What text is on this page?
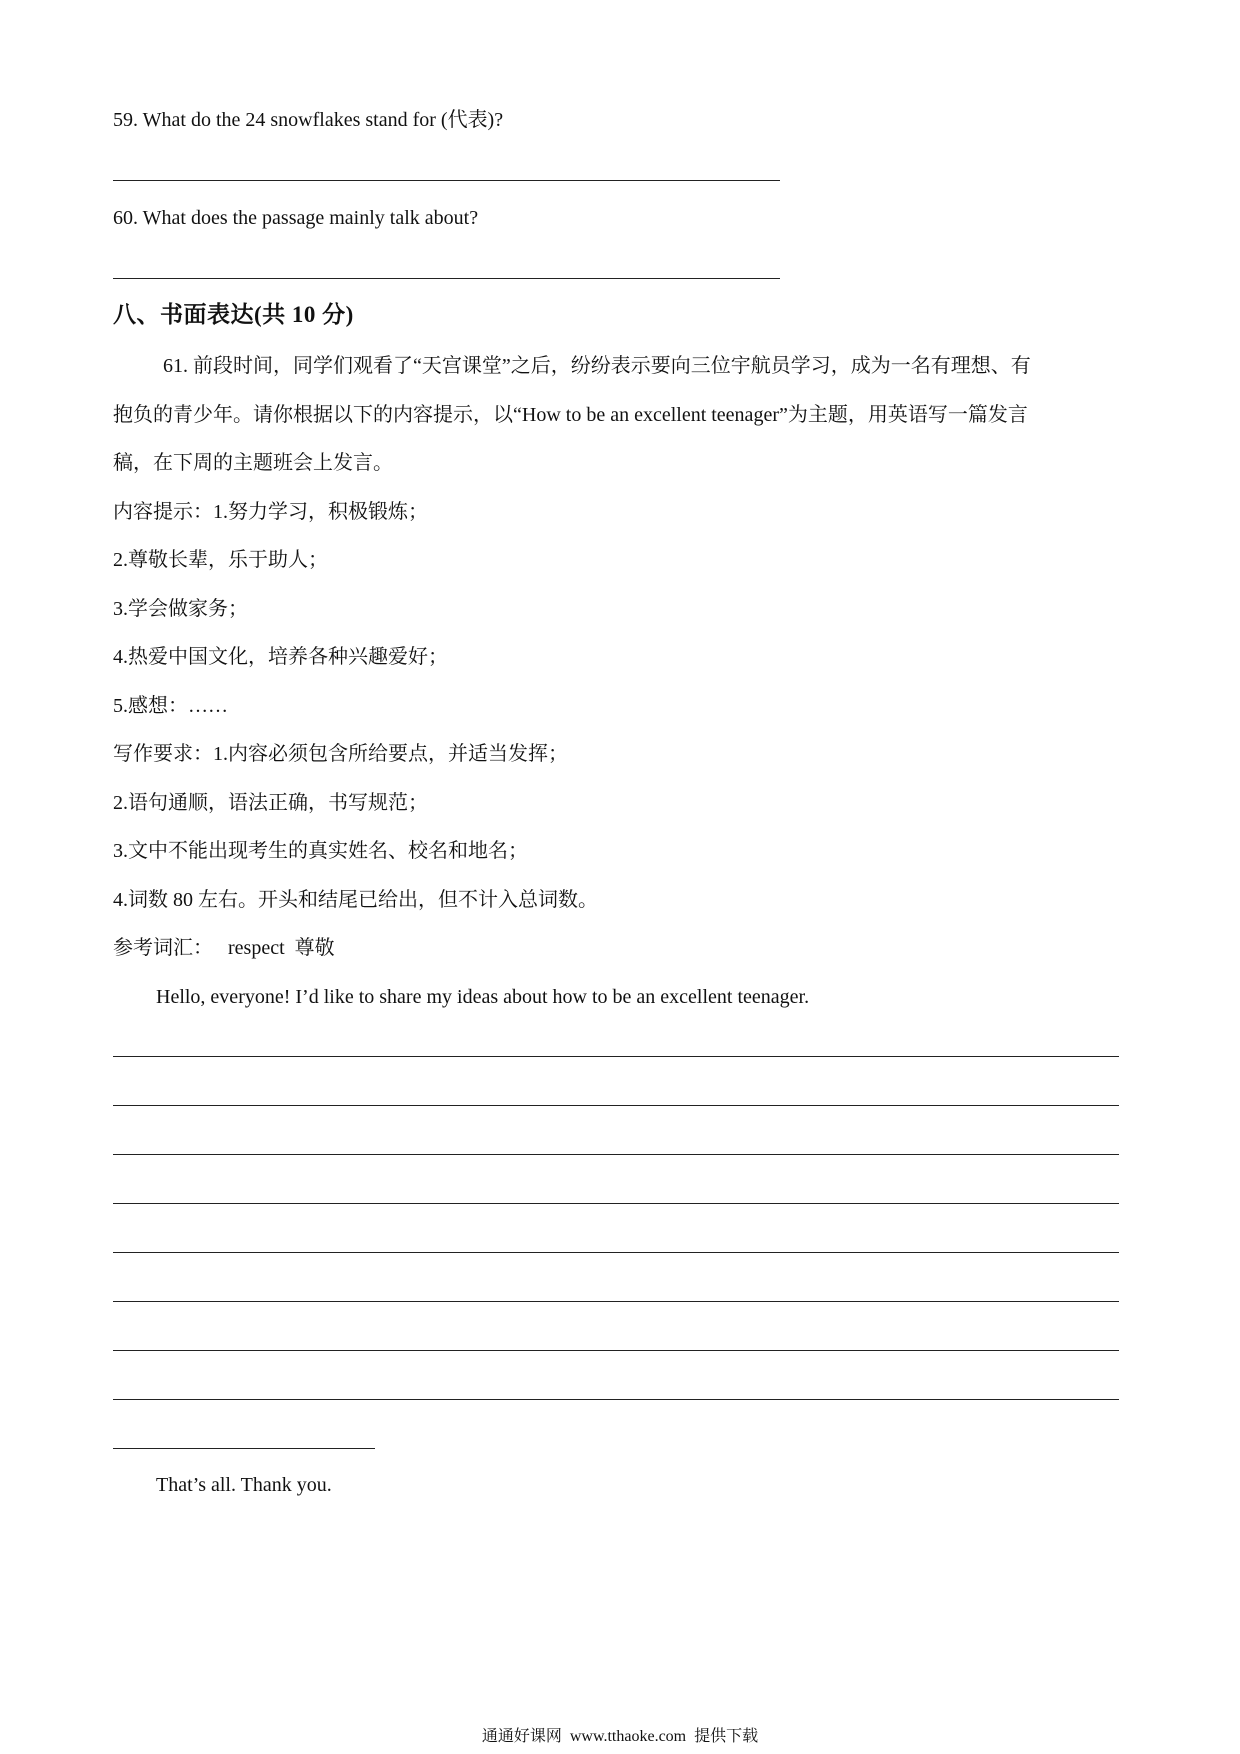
59. What do the 24 snowflakes stand for (代表)?
60. What does the passage mainly talk about?
八、书面表达(共 10 分)
61. 前段时间，同学们观看了“天宫课堂”之后，纷纷表示要向三位宇航员学习，成为一名有理想、有
抱负的青少年。请你根据以下的内容提示，以“How to be an excellent teenager”为主题，用英语写一篇发言
稿，在下周的主题班会上发言。
内容提示：1.努力学习，积极锻炼；
2.尊敬长辈，乐于助人；
3.学会做家务；
4.热爱中国文化，培养各种兴趣爱好；
5.感想：……
写作要求：1.内容必须包含所给要点，并适当发挥；
2.语句通顺，语法正确，书写规范；
3.文中不能出现考生的真实姓名、校名和地名；
4.词数 80 左右。开头和结尾已给出，但不计入总词数。
参考词汇： respect  尊敬
Hello, everyone! I’d like to share my ideas about how to be an excellent teenager.
That’s all. Thank you.
通通好课网  www.tthaoke.com  提供下载
